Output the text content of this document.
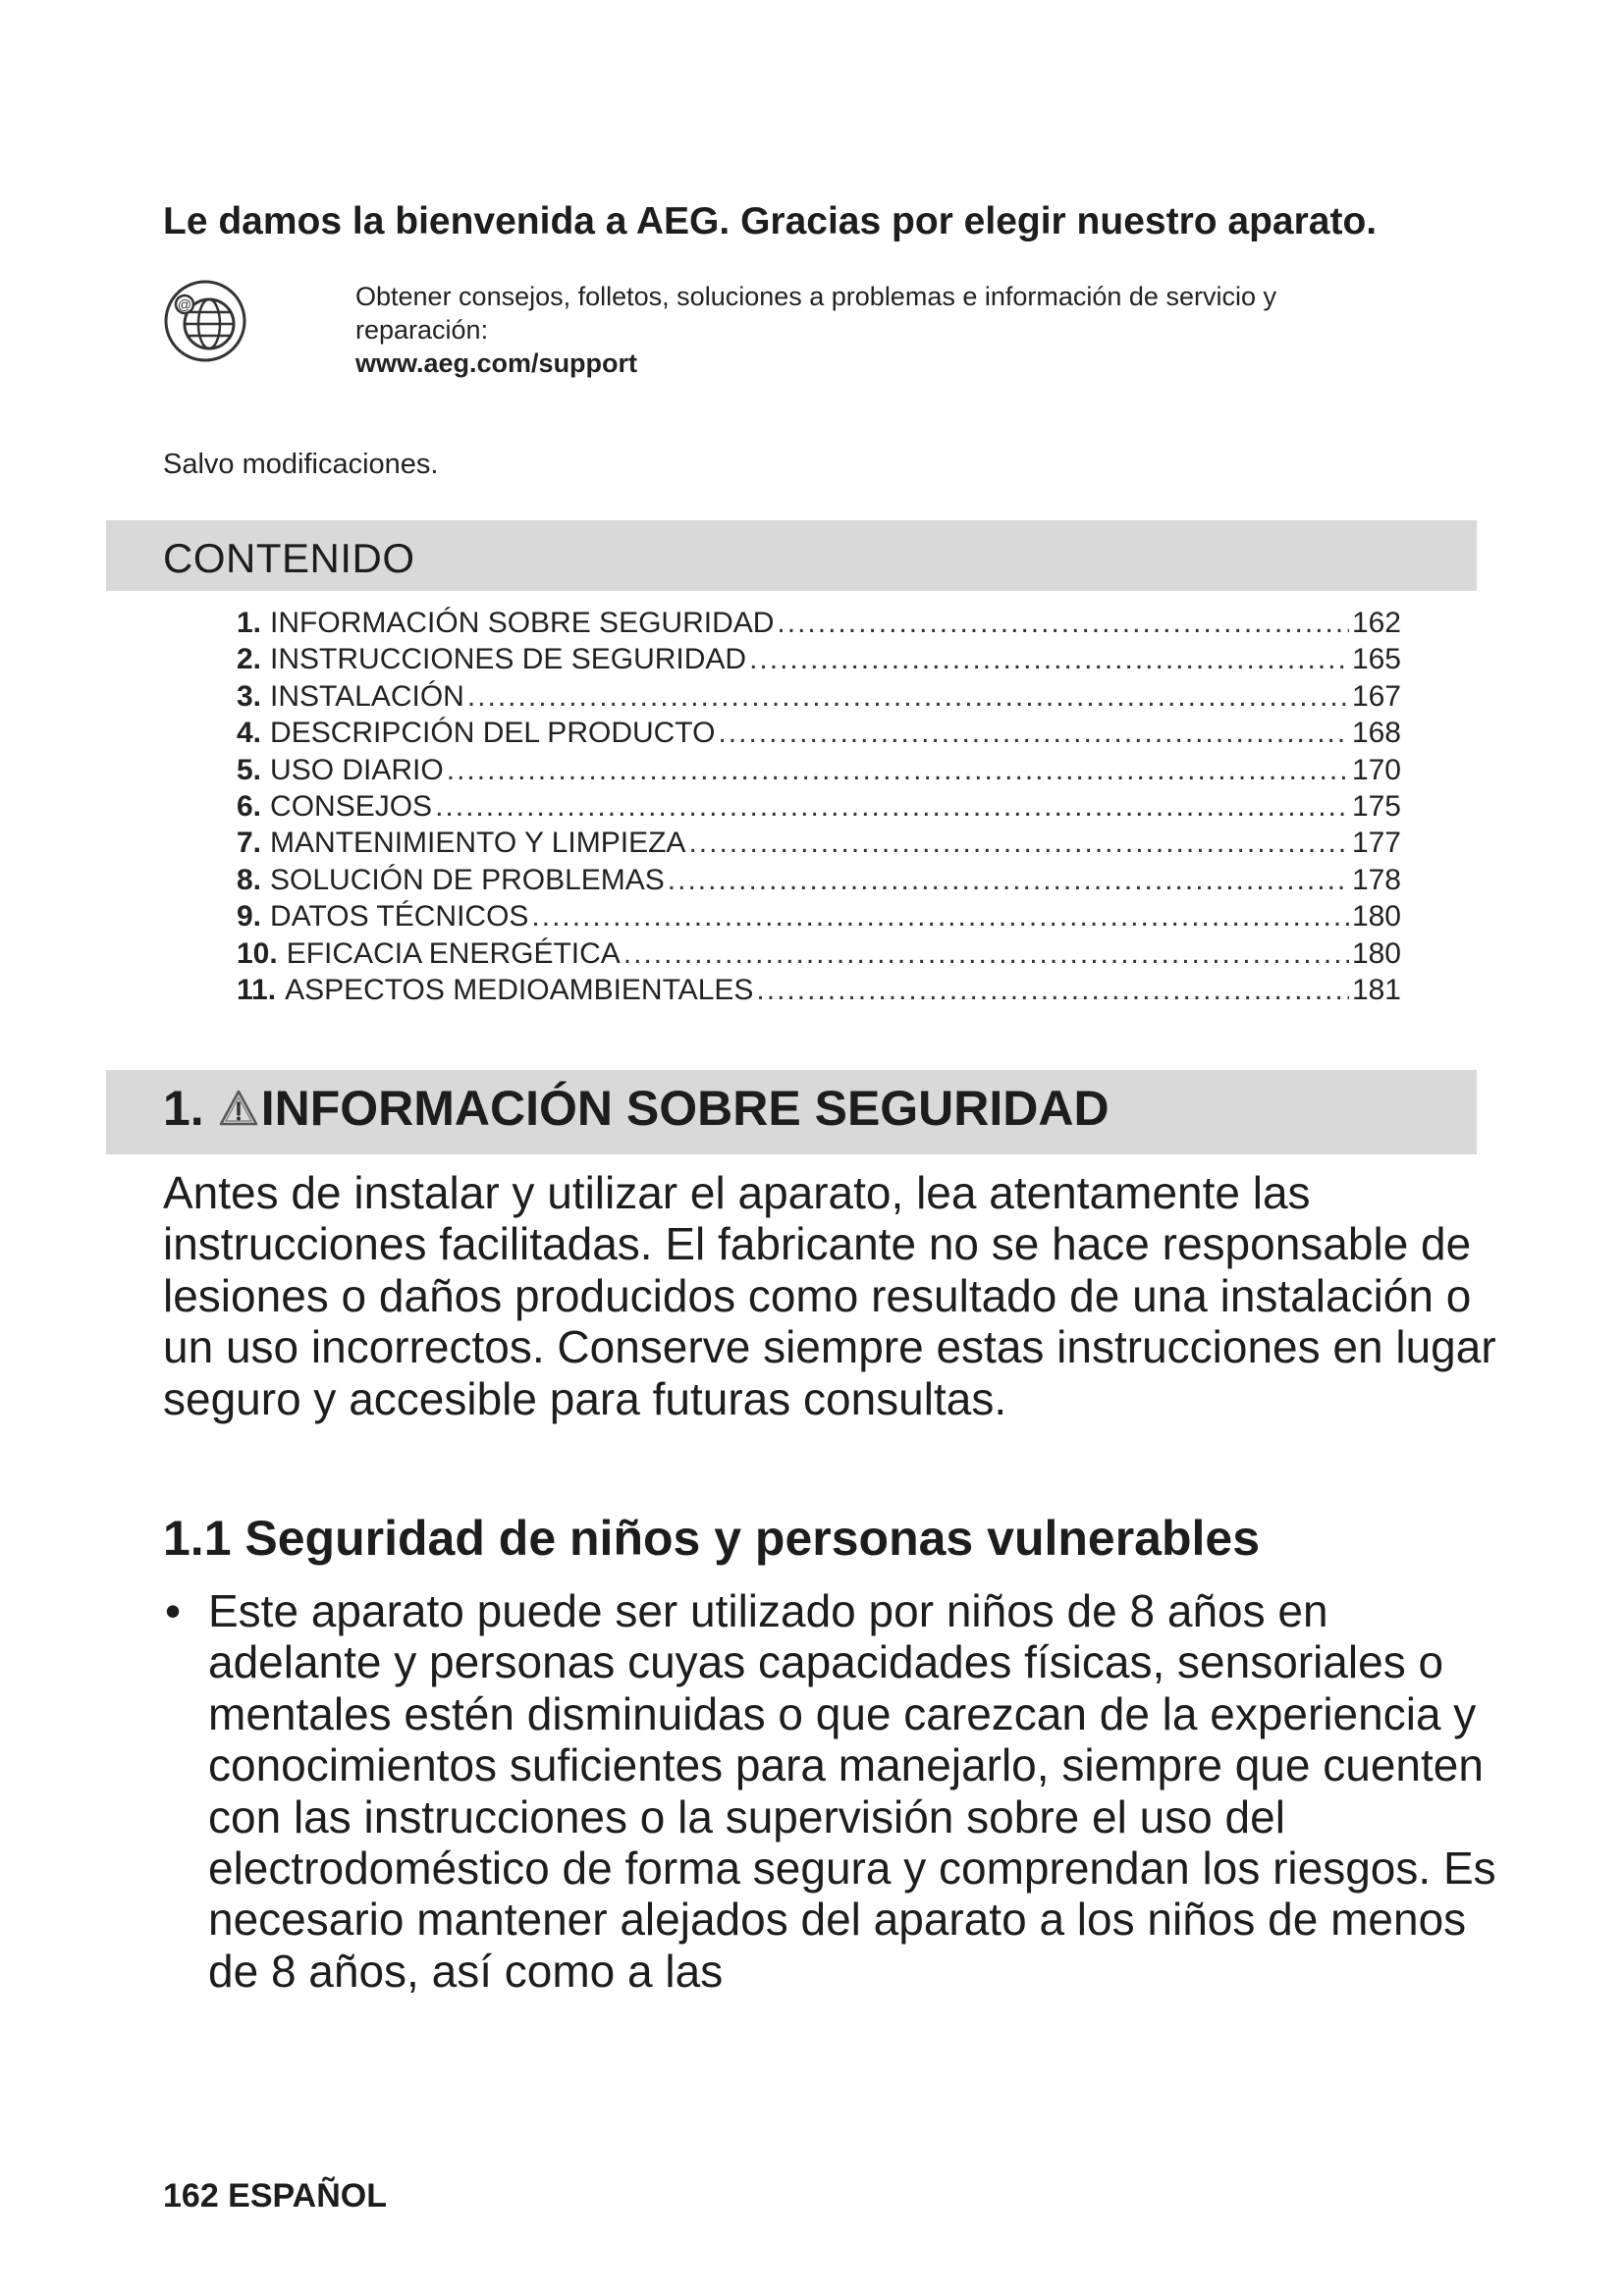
Le damos la bienvenida a AEG. Gracias por elegir nuestro aparato.
@	Obtener consejos, folletos, soluciones a problemas e información de servicio y reparación:
www.aeg.com/support
Salvo modificaciones.
CONTENIDO
1. INFORMACIÓN SOBRE SEGURIDAD .....	162
2. INSTRUCCIONES DE SEGURIDAD .....	165
3. INSTALACIÓN .....	167
4. DESCRIPCIÓN DEL PRODUCTO .....	168
5. USO DIARIO .....	170
6. CONSEJOS .....	175
7. MANTENIMIENTO Y LIMPIEZA .....	177
8. SOLUCIÓN DE PROBLEMAS .....	178
9. DATOS TÉCNICOS .....	180
10. EFICACIA ENERGÉTICA .....	180
11. ASPECTOS MEDIOAMBIENTALES .....	181
1. INFORMACIÓN SOBRE SEGURIDAD
Antes de instalar y utilizar el aparato, lea atentamente las instrucciones facilitadas. El fabricante no se hace responsable de lesiones o daños producidos como resultado de una instalación o un uso incorrectos. Conserve siempre estas instrucciones en lugar seguro y accesible para futuras consultas.
1.1 Seguridad de niños y personas vulnerables
• Este aparato puede ser utilizado por niños de 8 años en adelante y personas cuyas capacidades físicas, sensoriales o mentales estén disminuidas o que carezcan de la experiencia y conocimientos suficientes para manejarlo, siempre que cuenten con las instrucciones o la supervisión sobre el uso del electrodoméstico de forma segura y comprendan los riesgos. Es necesario mantener alejados del aparato a los niños de menos de 8 años, así como a las
162 ESPAÑOL
